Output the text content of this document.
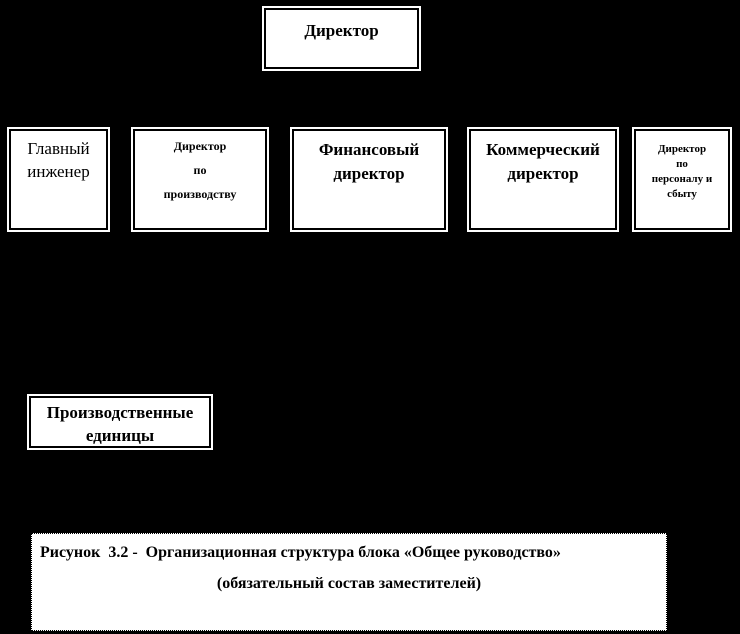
Директор
Главный
инженер
Директор
по
производству
Финансовый
директор
Коммерческий
директор
Директор
по
персоналу и
сбыту
Производственные
единицы
Рисунок  3.2 -  Организационная структура блока «Общее руководство»
(обязательный состав заместителей)
